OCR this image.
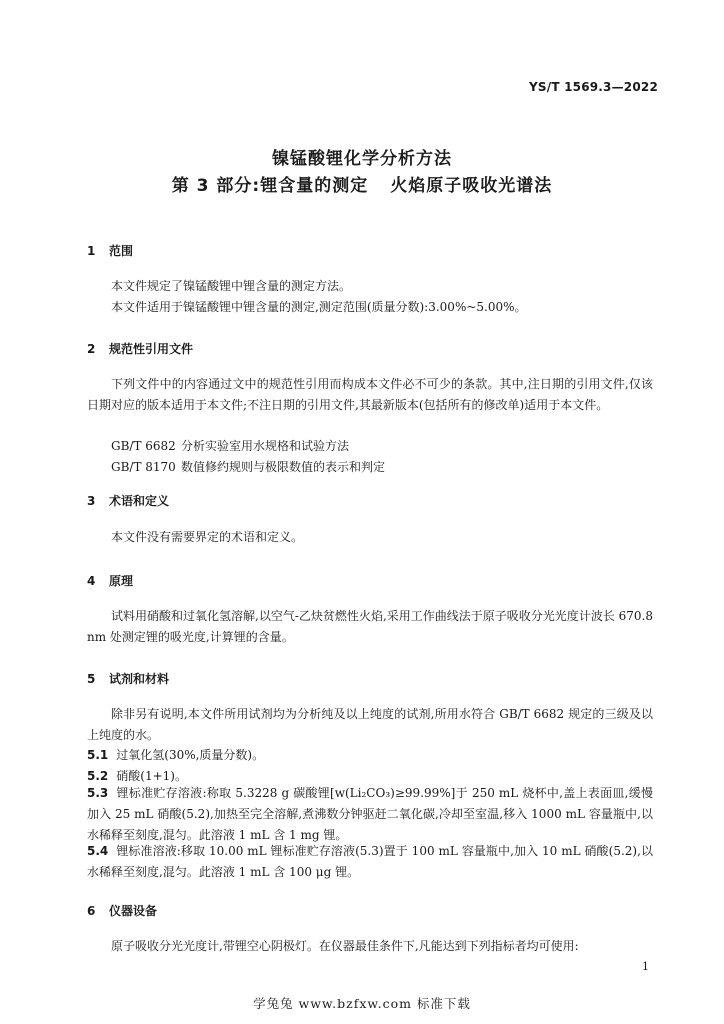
YS/T 1569.3—2022
镍锰酸锂化学分析方法
第 3 部分:锂含量的测定 火焰原子吸收光谱法
1 范围
本文件规定了镍锰酸锂中锂含量的测定方法。
本文件适用于镍锰酸锂中锂含量的测定,测定范围(质量分数):3.00%~5.00%。
2 规范性引用文件
下列文件中的内容通过文中的规范性引用而构成本文件必不可少的条款。其中,注日期的引用文件,仅该日期对应的版本适用于本文件;不注日期的引用文件,其最新版本(包括所有的修改单)适用于本文件。
GB/T 6682 分析实验室用水规格和试验方法
GB/T 8170 数值修约规则与极限数值的表示和判定
3 术语和定义
本文件没有需要界定的术语和定义。
4 原理
试料用硝酸和过氧化氢溶解,以空气-乙炔贫燃性火焰,采用工作曲线法于原子吸收分光光度计波长 670.8 nm 处测定锂的吸光度,计算锂的含量。
5 试剂和材料
除非另有说明,本文件所用试剂均为分析纯及以上纯度的试剂,所用水符合 GB/T 6682 规定的三级及以上纯度的水。
5.1 过氧化氢(30%,质量分数)。
5.2 硝酸(1+1)。
5.3 锂标准贮存溶液:称取 5.3228 g 碳酸锂[w(Li₂CO₃)≥99.99%]于 250 mL 烧杯中,盖上表面皿,缓慢加入 25 mL 硝酸(5.2),加热至完全溶解,煮沸数分钟驱赶二氧化碳,冷却至室温,移入 1000 mL 容量瓶中,以水稀释至刻度,混匀。此溶液 1 mL 含 1 mg 锂。
5.4 锂标准溶液:移取 10.00 mL 锂标准贮存溶液(5.3)置于 100 mL 容量瓶中,加入 10 mL 硝酸(5.2),以水稀释至刻度,混匀。此溶液 1 mL 含 100 μg 锂。
6 仪器设备
原子吸收分光光度计,带锂空心阴极灯。在仪器最佳条件下,凡能达到下列指标者均可使用:
1
学兔兔 www.bzfxw.com 标准下载
